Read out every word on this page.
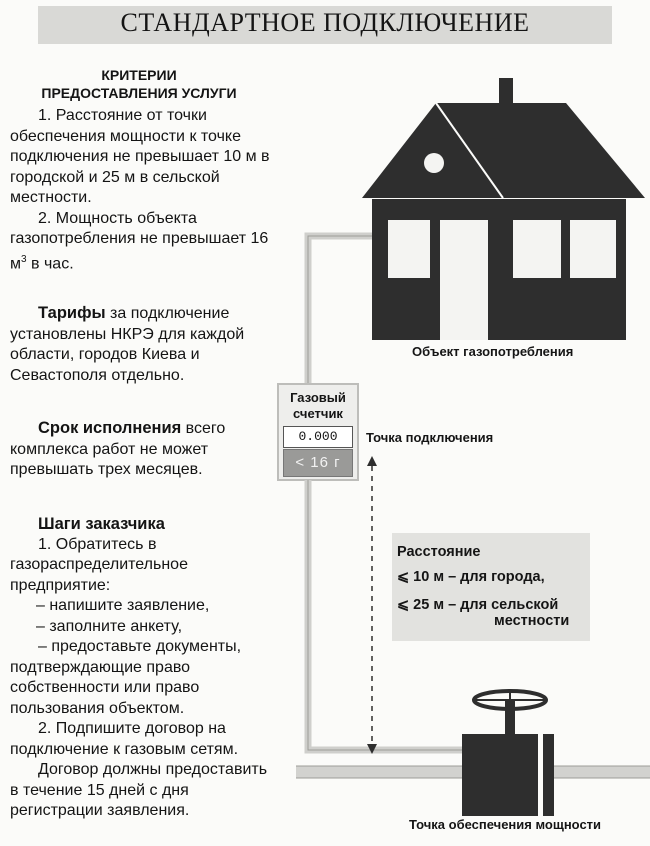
СТАНДАРТНОЕ ПОДКЛЮЧЕНИЕ
КРИТЕРИИ
ПРЕДОСТАВЛЕНИЯ УСЛУГИ

1. Расстояние от точки обеспечения мощности к точке подключения не превышает 10 м в городской и 25 м в сельской местности.

2. Мощность объекта газопотребления не превышает 16 $м^3$ в час.

Тарифы за подключение установлены НКРЭ для каждой области, городов Киева и Севастополя отдельно.

Срок исполнения всего комплекса работ не может превышать трех месяцев.

Шаги заказчика

1. Обратитесь в газораспределительное предприятие:

– напишите заявление,

– заполните анкету,

– предоставьте документы, подтверждающие право собственности или право пользования объектом.

2. Подпишите договор на подключение к газовым сетям.

Договор должны предоставить в течение 15 дней с дня регистрации заявления.

Объект газопотребления
Газовый
счетчик
0.000
< 16 г
Точка подключения
Расстояние
⩽ 10 м – для города,
⩽ 25 м – для сельской
местности
Точка обеспечения мощности
